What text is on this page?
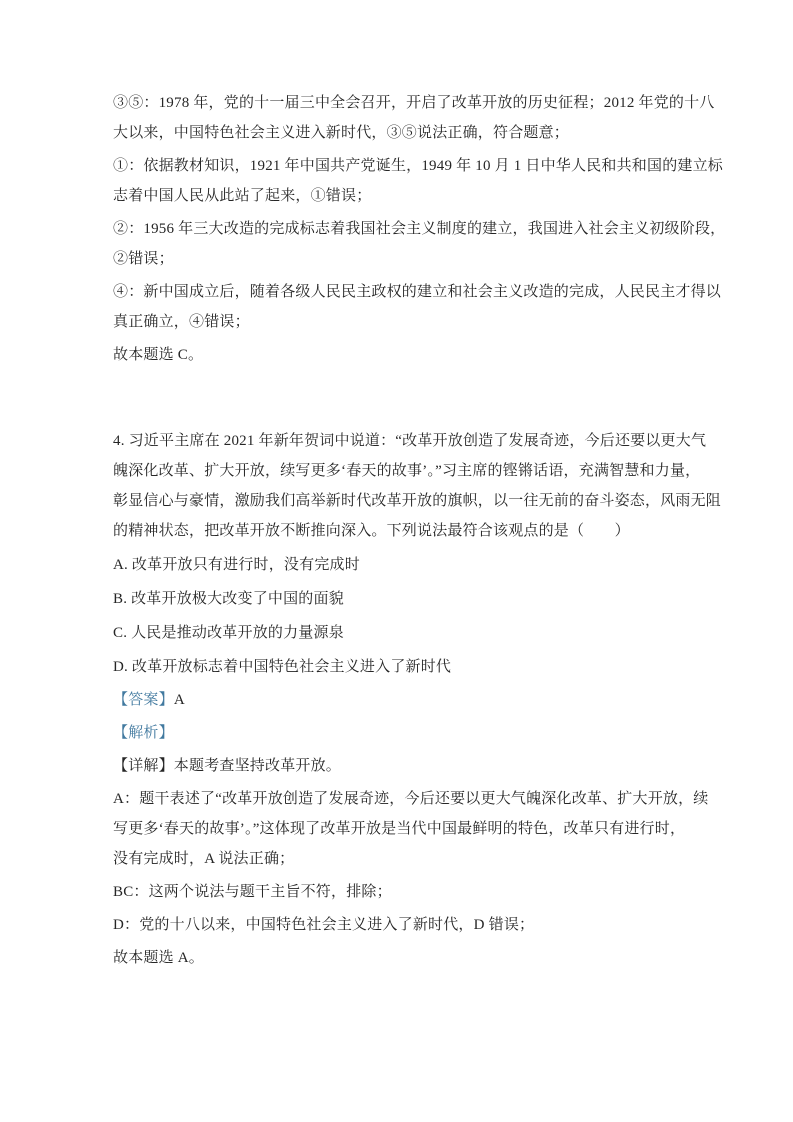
③⑤：1978 年，党的十一届三中全会召开，开启了改革开放的历史征程；2012 年党的十八
大以来，中国特色社会主义进入新时代，③⑤说法正确，符合题意；
①：依据教材知识，1921 年中国共产党诞生，1949 年 10 月 1 日中华人民和共和国的建立标
志着中国人民从此站了起来，①错误；
②：1956 年三大改造的完成标志着我国社会主义制度的建立，我国进入社会主义初级阶段，
②错误；
④：新中国成立后，随着各级人民民主政权的建立和社会主义改造的完成，人民民主才得以
真正确立，④错误；
故本题选 C。
4. 习近平主席在 2021 年新年贺词中说道：“改革开放创造了发展奇迹，今后还要以更大气
魄深化改革、扩大开放，续写更多‘春天的故事’。”习主席的铿锵话语，充满智慧和力量，
彰显信心与豪情，激励我们高举新时代改革开放的旗帜，以一往无前的奋斗姿态，风雨无阻
的精神状态，把改革开放不断推向深入。下列说法最符合该观点的是（　　）
A. 改革开放只有进行时，没有完成时
B. 改革开放极大改变了中国的面貌
C. 人民是推动改革开放的力量源泉
D. 改革开放标志着中国特色社会主义进入了新时代
【答案】A
【解析】
【详解】本题考查坚持改革开放。
A：题干表述了“改革开放创造了发展奇迹，今后还要以更大气魄深化改革、扩大开放，续
写更多‘春天的故事’。”这体现了改革开放是当代中国最鲜明的特色，改革只有进行时，
没有完成时，A 说法正确；
BC：这两个说法与题干主旨不符，排除；
D：党的十八以来，中国特色社会主义进入了新时代，D 错误；
故本题选 A。
